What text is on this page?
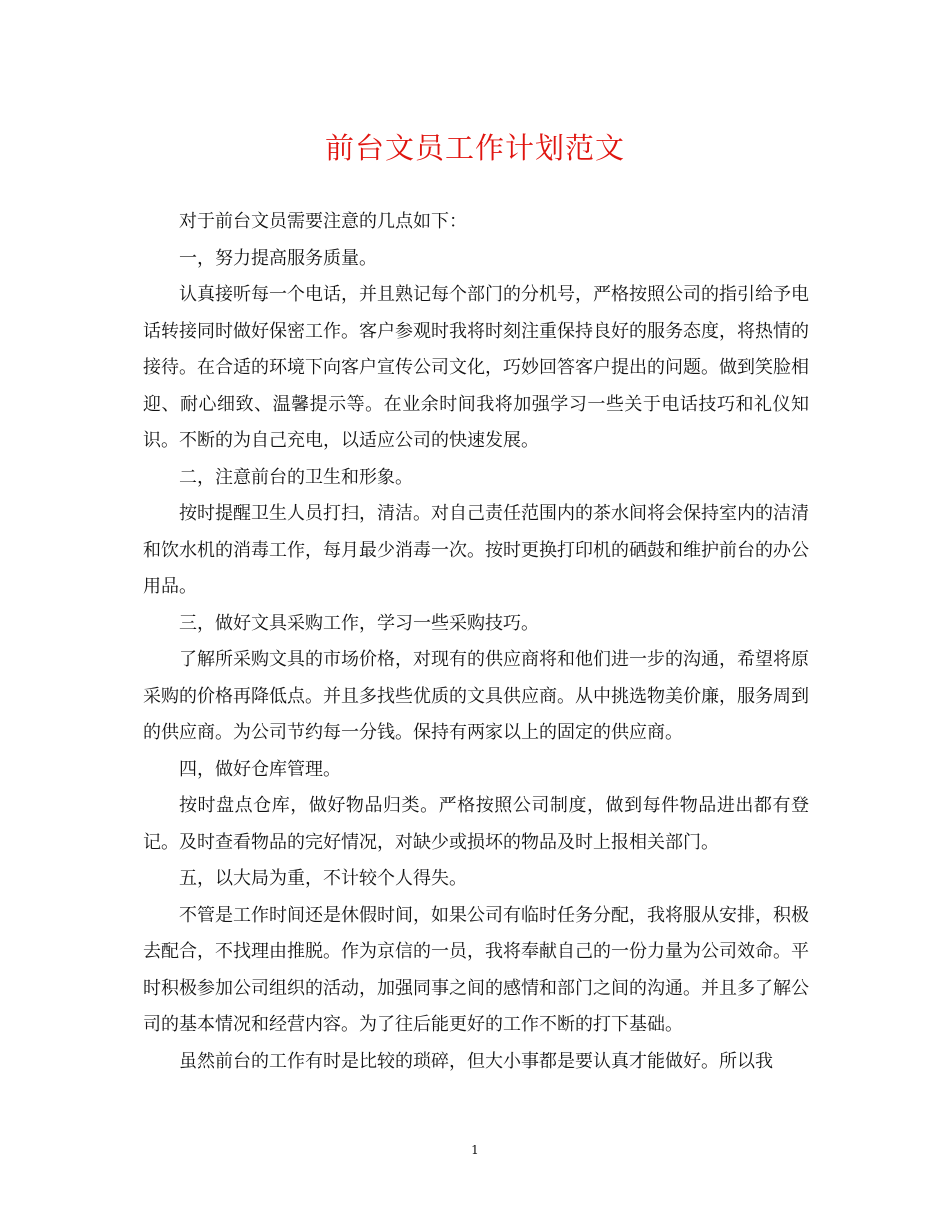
前台文员工作计划范文

对于前台文员需要注意的几点如下：

一，努力提高服务质量。

认真接听每一个电话，并且熟记每个部门的分机号，严格按照公司的指引给予电话转接同时做好保密工作。客户参观时我将时刻注重保持良好的服务态度，将热情的接待。在合适的环境下向客户宣传公司文化，巧妙回答客户提出的问题。做到笑脸相迎、耐心细致、温馨提示等。在业余时间我将加强学习一些关于电话技巧和礼仪知识。不断的为自己充电，以适应公司的快速发展。

二，注意前台的卫生和形象。

按时提醒卫生人员打扫，清洁。对自己责任范围内的茶水间将会保持室内的洁清和饮水机的消毒工作，每月最少消毒一次。按时更换打印机的硒鼓和维护前台的办公用品。

三，做好文具采购工作，学习一些采购技巧。

了解所采购文具的市场价格，对现有的供应商将和他们进一步的沟通，希望将原采购的价格再降低点。并且多找些优质的文具供应商。从中挑选物美价廉，服务周到的供应商。为公司节约每一分钱。保持有两家以上的固定的供应商。

四，做好仓库管理。

按时盘点仓库，做好物品归类。严格按照公司制度，做到每件物品进出都有登记。及时查看物品的完好情况，对缺少或损坏的物品及时上报相关部门。

五，以大局为重，不计较个人得失。

不管是工作时间还是休假时间，如果公司有临时任务分配，我将服从安排，积极去配合，不找理由推脱。作为京信的一员，我将奉献自己的一份力量为公司效命。平时积极参加公司组织的活动，加强同事之间的感情和部门之间的沟通。并且多了解公司的基本情况和经营内容。为了往后能更好的工作不断的打下基础。

虽然前台的工作有时是比较的琐碎，但大小事都是要认真才能做好。所以我

1
